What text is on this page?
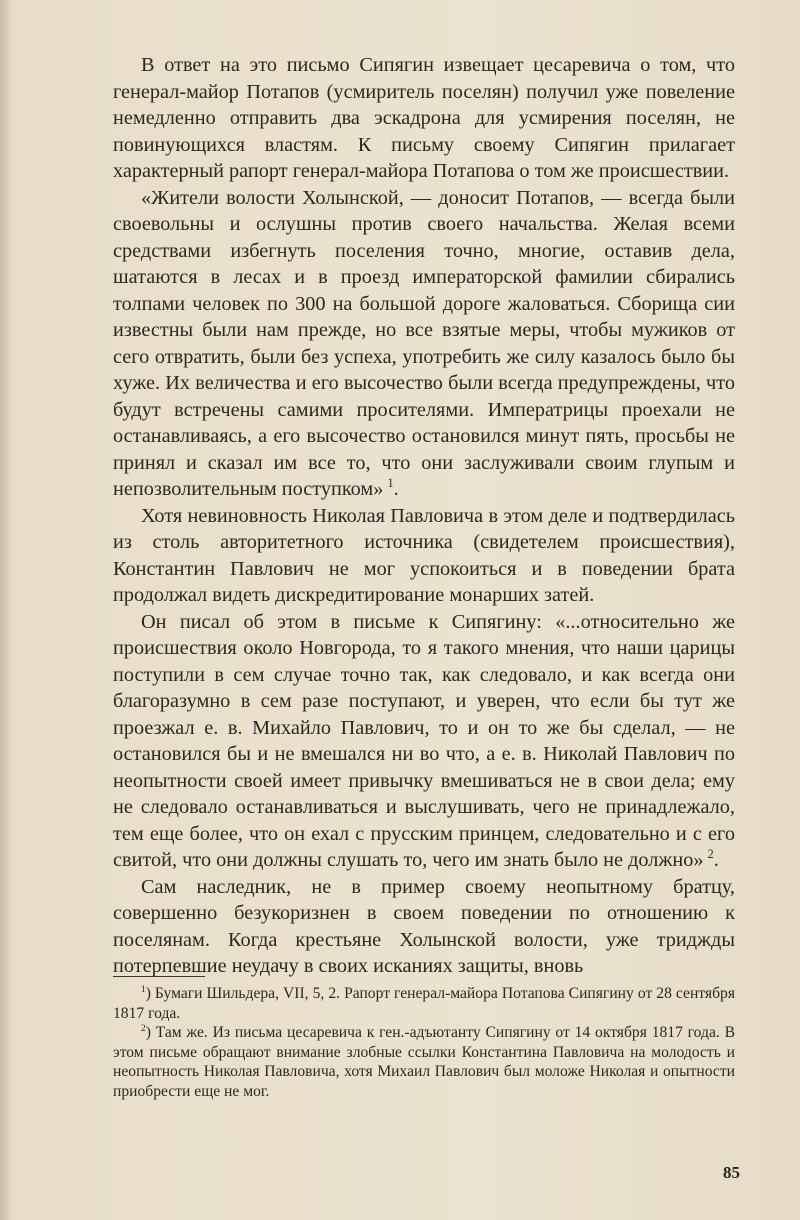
В ответ на это письмо Сипягин извещает цесаревича о том, что генерал-майор Потапов (усмиритель поселян) получил уже повеление немедленно отправить два эскадрона для усмирения поселян, не повинующихся властям. К письму своему Сипягин прилагает характерный рапорт генерал-майора Потапова о том же происшествии.

«Жители волости Холынской, — доносит Потапов, — всегда были своевольны и ослушны против своего начальства. Желая всеми средствами избегнуть поселения точно, многие, оставив дела, шатаются в лесах и в проезд императорской фамилии сбирались толпами человек по 300 на большой дороге жаловаться. Сборища сии известны были нам прежде, но все взятые меры, чтобы мужиков от сего отвратить, были без успеха, употребить же силу казалось было бы хуже. Их величества и его высочество были всегда предупреждены, что будут встречены самими просителями. Императрицы проехали не останавливаясь, а его высочество остановился минут пять, просьбы не принял и сказал им все то, что они заслуживали своим глупым и непозволительным поступком»  $^1$.

Хотя невиновность Николая Павловича в этом деле и подтвердилась из столь авторитетного источника (свидетелем происшествия), Константин Павлович не мог успокоиться и в поведении брата продолжал видеть дискредитирование монарших затей.

Он писал об этом в письме к Сипягину: «...относительно же происшествия около Новгорода, то я такого мнения, что наши царицы поступили в сем случае точно так, как следовало, и как всегда они благоразумно в сем разе поступают, и уверен, что если бы тут же проезжал е. в. Михайло Павлович, то и он то же бы сделал, — не остановился бы и не вмешался ни во что, а е. в. Николай Павлович по неопытности своей имеет привычку вмешиваться не в свои дела; ему не следовало останавливаться и выслушивать, чего не принадлежало, тем еще более, что он ехал с прусским принцем, следовательно и с его свитой, что они должны слушать то, чего им знать было не должно»  $^2$.

Сам наследник, не в пример своему неопытному братцу, совершенно безукоризнен в своем поведении по отношению к поселянам. Когда крестьяне Холынской волости, уже триджды потерпевшие неудачу в своих исканиях защиты, вновь

$^1$) Бумаги Шильдера, VII, 5, 2. Рапорт генерал-майора Потапова Сипягину от 28 сентября 1817 года.

$^2$) Там же. Из письма цесаревича к ген.-адъютанту Сипягину от 14 октября 1817 года. В этом письме обращают внимание злобные ссылки Константина Павловича на молодость и неопытность Николая Павловича, хотя Михаил Павлович был моложе Николая и опытности приобрести еще не мог.

85
